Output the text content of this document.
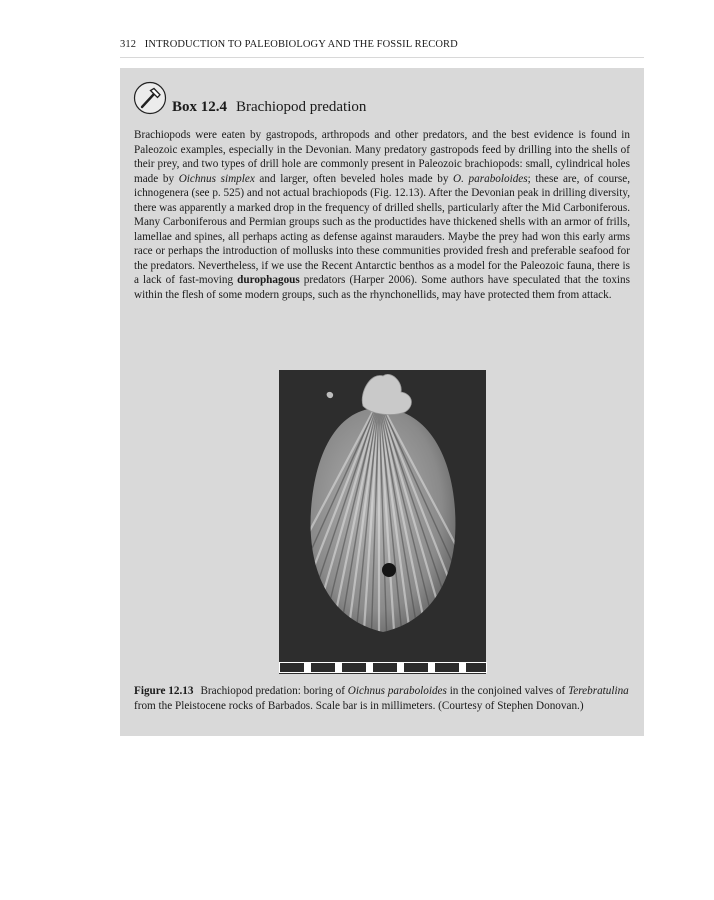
312 INTRODUCTION TO PALEOBIOLOGY AND THE FOSSIL RECORD
Box 12.4 Brachiopod predation
Brachiopods were eaten by gastropods, arthropods and other predators, and the best evidence is found in Paleozoic examples, especially in the Devonian. Many predatory gastropods feed by drilling into the shells of their prey, and two types of drill hole are commonly present in Paleozoic brachiopods: small, cylindrical holes made by Oichnus simplex and larger, often beveled holes made by O. paraboloides; these are, of course, ichnogenera (see p. 525) and not actual brachiopods (Fig. 12.13). After the Devonian peak in drilling diversity, there was apparently a marked drop in the frequency of drilled shells, particularly after the Mid Carboniferous. Many Carboniferous and Permian groups such as the productides have thickened shells with an armor of frills, lamellae and spines, all perhaps acting as defense against marauders. Maybe the prey had won this early arms race or perhaps the introduction of mollusks into these communities provided fresh and preferable seafood for the predators. Nevertheless, if we use the Recent Antarctic benthos as a model for the Paleozoic fauna, there is a lack of fast-moving durophagous predators (Harper 2006). Some authors have speculated that the toxins within the flesh of some modern groups, such as the rhynchonellids, may have protected them from attack.
Figure 12.13 Brachiopod predation: boring of Oichnus paraboloides in the conjoined valves of Terebratulina from the Pleistocene rocks of Barbados. Scale bar is in millimeters. (Courtesy of Stephen Donovan.)
